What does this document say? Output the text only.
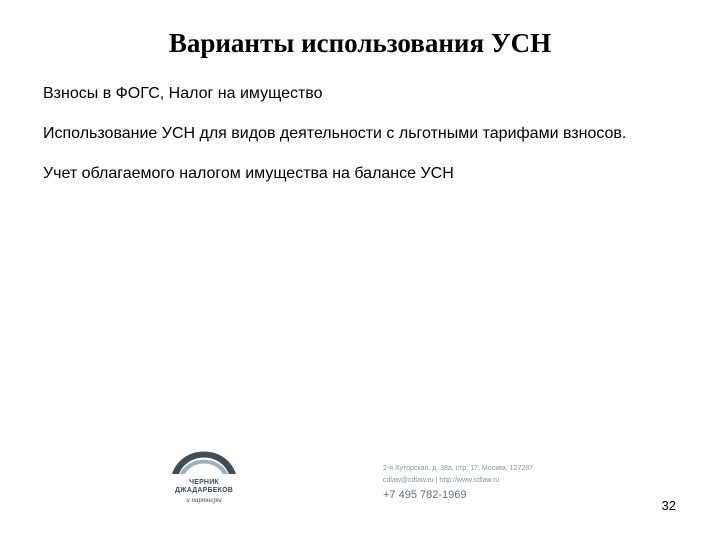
Варианты использования УСН

Взносы в ФОГС, Налог на имущество

Использование УСН для видов деятельности с льготными тарифами взносов.

Учет облагаемого налогом имущества на балансе УСН

ЧЕРНИК
ДЖАДАРБЕКОВ
и партнеры
2-я Хуторская, д. 38а, стр. 17, Москва, 127287
cdlaw@cdlaw.ru | http://www.cdlaw.ru
+7 495 782-1969
32
